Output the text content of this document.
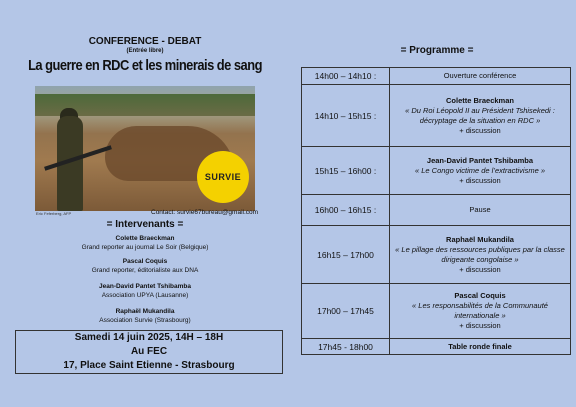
CONFERENCE - DEBAT
(Entrée libre)
La guerre en RDC et les minerais de sang
SURVIE
Eric Feferberg, AFP	Contact: survie67bureau@gmail.com
= Intervenants =
Colette Braeckman
Grand reporter au journal Le Soir (Belgique)
Pascal Coquis
Grand reporter, éditorialiste aux DNA
Jean-David Pantet Tshibamba
Association UPYA (Lausanne)
Raphaël Mukandila
Association Survie (Strasbourg)
Samedi 14 juin 2025, 14H – 18H
Au FEC
17, Place Saint Etienne - Strasbourg
= Programme =
14h00 – 14h10 :	Ouverture conférence

14h10 – 15h15 :	Colette Braeckman
« Du Roi Léopold II au Président Tshisekedi : décryptage de la situation en RDC »
+ discussion

15h15 – 16h00 :	Jean-David Pantet Tshibamba
« Le Congo victime de l’extractivisme »
+ discussion

16h00 – 16h15 :	Pause

16h15 – 17h00	Raphaël Mukandila
« Le pillage des ressources publiques par la classe dirigeante congolaise »
+ discussion

17h00 – 17h45	Pascal Coquis
« Les responsabilités de la Communauté internationale »
+ discussion

17h45 - 18h00	Table ronde finale
